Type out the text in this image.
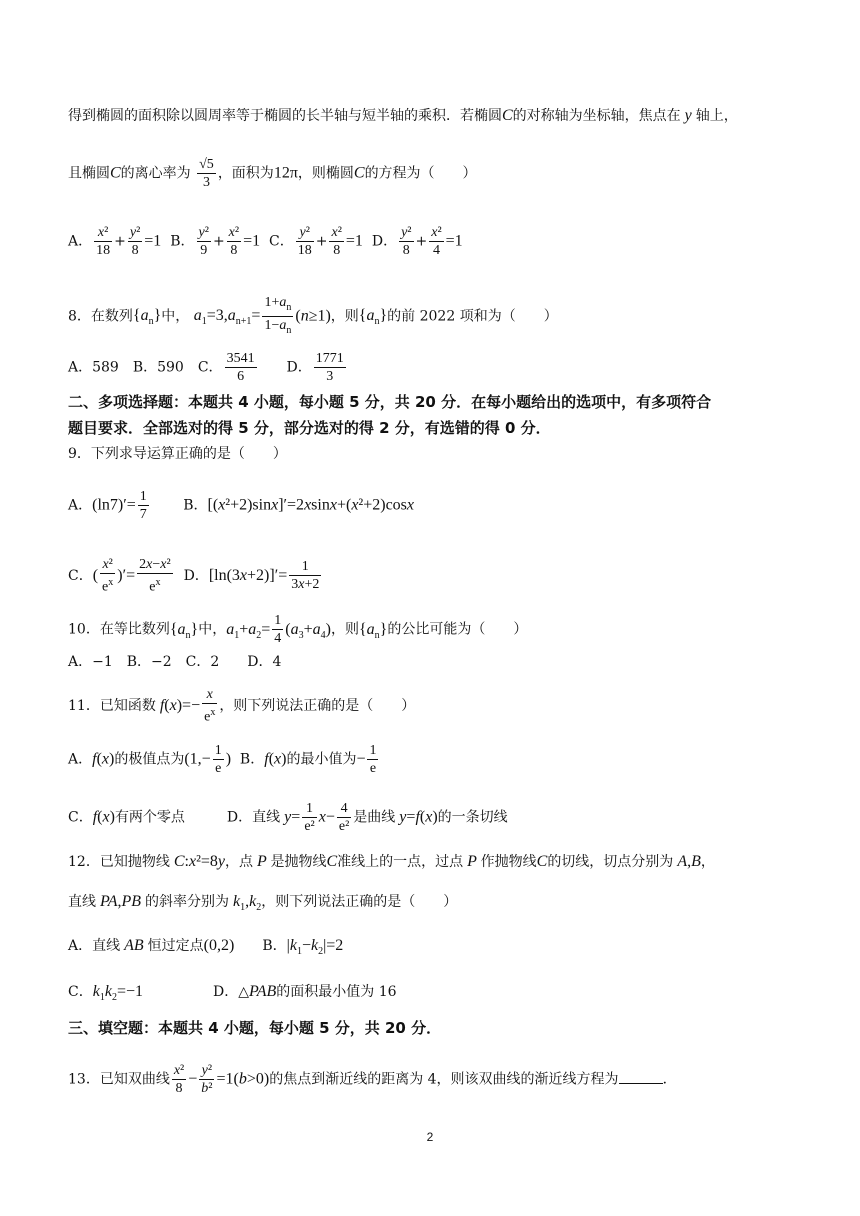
得到椭圆的面积除以圆周率等于椭圆的长半轴与短半轴的乘积．若椭圆C的对称轴为坐标轴，焦点在 y 轴上，
且椭圆C的离心率为 $\frac{√5}{3}$ ，面积为12π，则椭圆C的方程为（　　）
A． $\frac{\text{x²}}{18} + \frac{\text{y²}}{8} =1$  B． $\frac{\text{y²}}{9} + \frac{\text{x²}}{8} =1$  C． $\frac{\text{y²}}{18} + \frac{\text{x²}}{8} =1$  D． $\frac{\text{y²}}{8} + \frac{\text{x²}}{4} =1$
8．在数列$\{a_n\}$中， $a_1=3,a_{n+1}= \frac{1+a_n}{1-a_n} (n\ge 1)$，则$\{a_n\}$的前 2022 项和为（　　）
A．589　B．590　C． $\frac{3541}{6}$ 　　D． $\frac{1771}{3}$
二、多项选择题：本题共 4 小题，每小题 5 分，共 20 分．在每小题给出的选项中，有多项符合
题目要求．全部选对的得 5 分，部分选对的得 2 分，有选错的得 0 分．
9．下列求导运算正确的是（　　）
A．$(\ln 7)'= \frac{1}{7}$ 　　B．[(x²+2)sinx]′=2xsinx+(x²+2)cosx
C．( $\frac{\text{x²}}{e^x}$ )′= $\frac{\text{2x−x²}}{e^x}$ D．$[\ln(3x+2)]'= \frac{1}{3x+2}$
10．在等比数列$\{a_n\}$中，$a_1+a_2= \frac{1}{4} (a_3+a_4)$，则$\{a_n\}$的公比可能为（　　）
A．−1　B．−2　C．2　　D．4
11．已知函数 $f(x)=- \frac{x}{e^x}$ ，则下列说法正确的是（　　）
A．f(x)的极值点为($1,- \frac{1}{e}$ )  B．f(x)的最小值为− $\frac{1}{e}$
C．f(x)有两个零点　　　D．直线 $y= \frac{1}{\text{e²}} x- \frac{4}{\text{e²}}$ 是曲线 y=f(x)的一条切线
12．已知抛物线 C:x²=8y，点 P 是抛物线C准线上的一点，过点 P 作抛物线C的切线，切点分别为 A,B，
直线 PA,PB 的斜率分别为 $k_1,k_2$，则下列说法正确的是（　　）
A．直线 AB 恒过定点(0,2)　　B．$|k_1-k_2|=2$
C．$k_1k_2=-1$　　　　　D．△PAB的面积最小值为 16
三、填空题：本题共 4 小题，每小题 5 分，共 20 分．
13．已知双曲线 $\frac{\text{x²}}{8} - \frac{\text{y²}}{\text{b²}} =1(b>0)$的焦点到渐近线的距离为 4，则该双曲线的渐近线方程为	．
2
